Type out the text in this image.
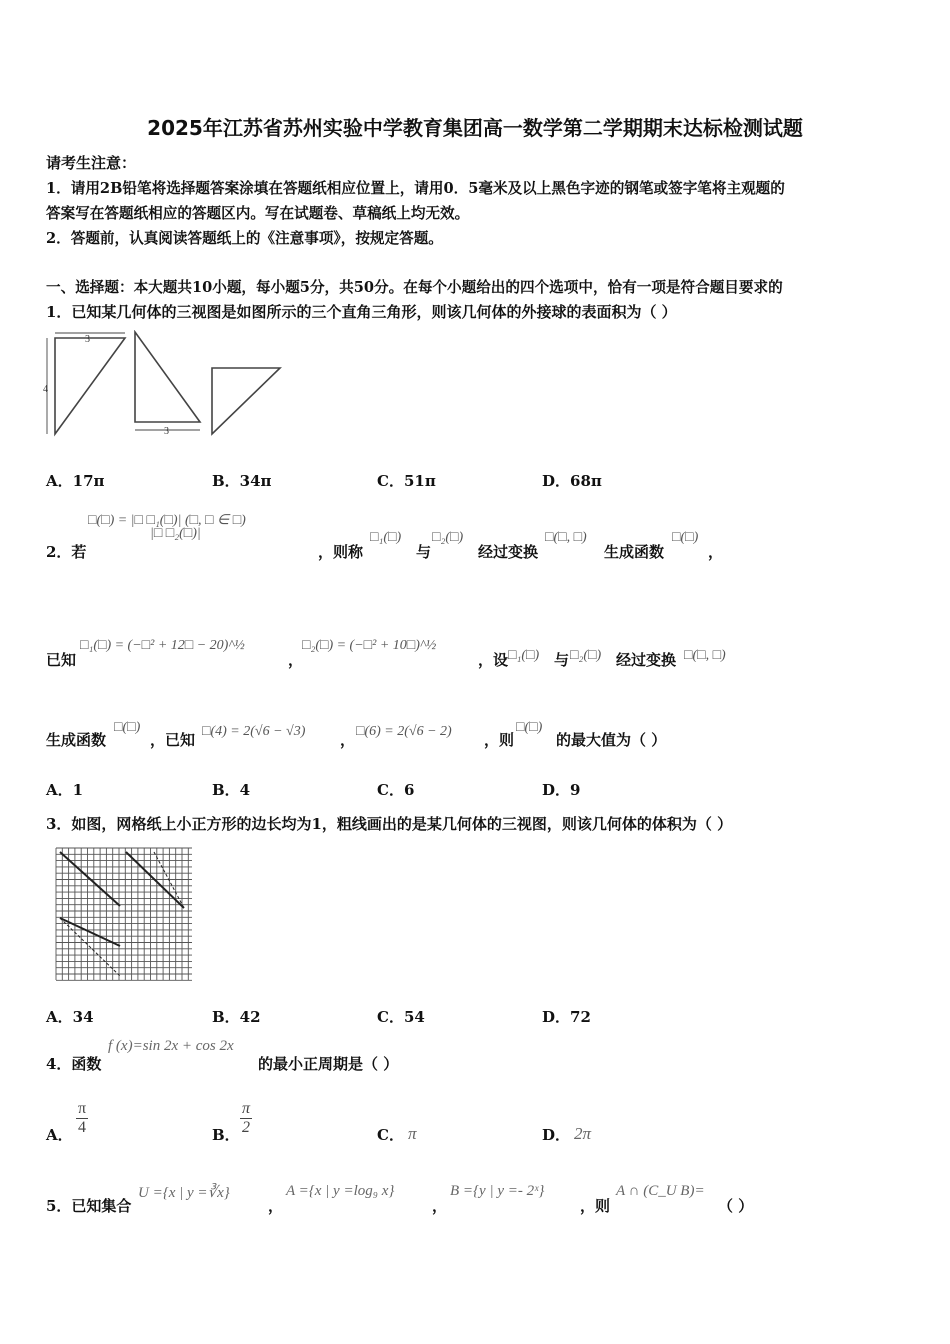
2025年江苏省苏州实验中学教育集团高一数学第二学期期末达标检测试题
请考生注意：
1．请用2B铅笔将选择题答案涂填在答题纸相应位置上，请用0．5毫米及以上黑色字迹的钢笔或签字笔将主观题的
答案写在答题纸相应的答题区内。写在试题卷、草稿纸上均无效。
2．答题前，认真阅读答题纸上的《注意事项》，按规定答题。
一、选择题：本大题共10小题，每小题5分，共50分。在每个小题给出的四个选项中，恰有一项是符合题目要求的
1．已知某几何体的三视图是如图所示的三个直角三角形，则该几何体的外接球的表面积为（ ）
3
4
3
A．17π	B．34π	C．51π	D．68π
□(□) = |□ □₁(□)| (□, □ ∈ □)
|□ □₂(□)|
2．若	，则称
□₁(□)
与
□₂(□)
经过变换
□(□, □)
生成函数
□(□)
，
已知
□₁(□) = (−□² + 12□ − 20)^½
，
□₂(□) = (−□² + 10□)^½
，设 □₁(□) 与 □₂(□) 经过变换 □(□, □)
生成函数
□(□)
，已知 □(4) = 2(√6 − √3) ， □(6) = 2(√6 − 2) ，则
□(□)
的最大值为（ ）
A．1	B．4	C．6	D．9
3．如图，网格纸上小正方形的边长均为1，粗线画出的是某几何体的三视图，则该几何体的体积为（ ）
A．34	B．42	C．54	D．72
4．函数
f (x)=sin 2x + cos 2x
的最小正周期是（ ）
A． $\frac{\pi}{4}$	B． $\frac{\pi}{2}$	C． π	D． 2π
5．已知集合
U ={x | y =∛x}
，
A ={x | y =log₉ x}
，
B ={y | y =- 2ˣ}
，则
A ∩ (C_U B)=
（ ）
